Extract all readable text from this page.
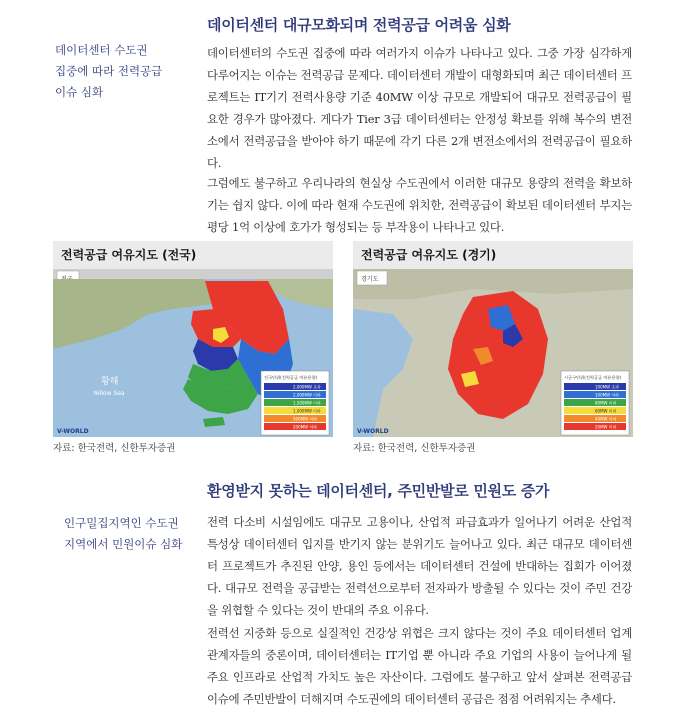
데이터센터 대규모화되며 전력공급 어려움 심화
데이터센터 수도권
집중에 따라 전력공급
이슈 심화

데이터센터의 수도권 집중에 따라 여러가지 이슈가 나타나고 있다. 그중 가장 심각하게 다루어지는 이슈는 전력공급 문제다. 데이터센터 개발이 대형화되며 최근 데이터센터 프로젝트는 IT기기 전력사용량 기준 40MW 이상 규모로 개발되어 대규모 전력공급이 필요한 경우가 많아졌다. 게다가 Tier 3급 데이터센터는 안정성 확보를 위해 복수의 변전소에서 전력공급을 받아야 하기 때문에 각기 다른 2개 변전소에서의 전력공급이 필요하다.

그럼에도 불구하고 우리나라의 현실상 수도권에서 이러한 대규모 용량의 전력을 확보하기는 쉽지 않다. 이에 따라 현재 수도권에 위치한, 전력공급이 확보된 데이터센터 부지는 평당 1억 이상에 호가가 형성되는 등 부작용이 나타나고 있다.

전력공급 여유지도 (전국)
황해
Yellow Sea
전국단위(전력공급 여유용량)
2,000MW 초과
2,000MW 이하
1,500MW 이하
1,000MW 이하
500MW 이하
200MW 이하
V-WORLD
자료: 한국전력, 신한투자증권
전력공급 여유지도 (경기)
경기도
시군구단위(전력공급 여유용량)
100MW 초과
100MW 이하
80MW 이하
60MW 이하
40MW 이하
20MW 이하
V-WORLD
자료: 한국전력, 신한투자증권
환영받지 못하는 데이터센터, 주민반발로 민원도 증가
인구밀집지역인 수도권
지역에서 민원이슈 심화

전력 다소비 시설임에도 대규모 고용이나, 산업적 파급효과가 일어나기 어려운 산업적 특성상 데이터센터 입지를 반기지 않는 분위기도 늘어나고 있다. 최근 대규모 데이터센터 프로젝트가 추진된 안양, 용인 등에서는 데이터센터 건설에 반대하는 집회가 이어졌다. 대규모 전력을 공급받는 전력선으로부터 전자파가 방출될 수 있다는 것이 주민 건강을 위협할 수 있다는 것이 반대의 주요 이유다.

전력선 지중화 등으로 실질적인 건강상 위협은 크지 않다는 것이 주요 데이터센터 업계 관계자들의 중론이며, 데이터센터는 IT기업 뿐 아니라 주요 기업의 사용이 늘어나게 될 주요 인프라로 산업적 가치도 높은 자산이다. 그럼에도 불구하고 앞서 살펴본 전력공급 이슈에 주민반발이 더해지며 수도권에의 데이터센터 공급은 점점 어려워지는 추세다.
